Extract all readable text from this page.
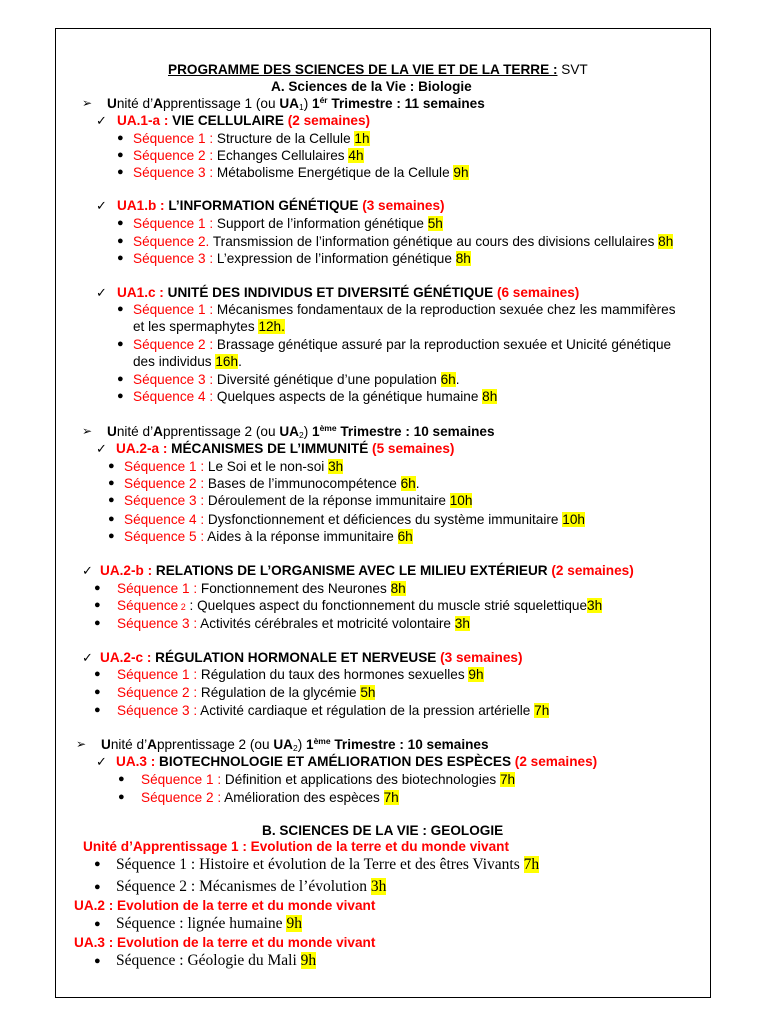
PROGRAMME DES SCIENCES DE LA VIE ET DE LA TERRE : SVT
A. Sciences de la Vie : Biologie
➢ Unité d’Apprentissage 1 (ou $UA_1$) $1^{ér}$ Trimestre : 11 semaines
✓ UA.1-a : VIE CELLULAIRE (2 semaines)
● Séquence 1 : Structure de la Cellule 1h
● Séquence 2 : Echanges Cellulaires 4h
● Séquence 3 : Métabolisme Energétique de la Cellule 9h
✓ UA1.b : L’INFORMATION GÉNÉTIQUE (3 semaines)
● Séquence 1 : Support de l’information génétique 5h
● Séquence 2. Transmission de l’information génétique au cours des divisions cellulaires 8h
● Séquence 3 : L’expression de l’information génétique 8h
✓ UA1.c : UNITÉ DES INDIVIDUS ET DIVERSITÉ GÉNÉTIQUE (6 semaines)
● Séquence 1 : Mécanismes fondamentaux de la reproduction sexuée chez les mammifères
et les spermaphytes 12h.
● Séquence 2 : Brassage génétique assuré par la reproduction sexuée et Unicité génétique
des individus 16h.
● Séquence 3 : Diversité génétique d’une population 6h.
● Séquence 4 : Quelques aspects de la génétique humaine 8h
➢ Unité d’Apprentissage 2 (ou $UA_2$) 1ème Trimestre : 10 semaines
✓ UA.2-a : MÉCANISMES DE L’IMMUNITÉ (5 semaines)
● Séquence 1 : Le Soi et le non-soi 3h
● Séquence 2 : Bases de l’immunocompétence 6h.
● Séquence 3 : Déroulement de la réponse immunitaire 10h
● Séquence 4 : Dysfonctionnement et déficiences du système immunitaire 10h
● Séquence 5 : Aides à la réponse immunitaire 6h
✓ UA.2-b : RELATIONS DE L’ORGANISME AVEC LE MILIEU EXTÉRIEUR (2 semaines)
● Séquence 1 : Fonctionnement des Neurones 8h
● Séquence 2 : Quelques aspect du fonctionnement du muscle strié squelettique3h
● Séquence 3 : Activités cérébrales et motricité volontaire 3h
✓ UA.2-c : RÉGULATION HORMONALE ET NERVEUSE (3 semaines)
● Séquence 1 : Régulation du taux des hormones sexuelles 9h
● Séquence 2 : Régulation de la glycémie 5h
● Séquence 3 : Activité cardiaque et régulation de la pression artérielle 7h
➢ Unité d’Apprentissage 2 (ou $UA_2$) 1ème Trimestre : 10 semaines
✓ UA.3 : BIOTECHNOLOGIE ET AMÉLIORATION DES ESPÈCES (2 semaines)
● Séquence 1 : Définition et applications des biotechnologies 7h
● Séquence 2 : Amélioration des espèces 7h
B. SCIENCES DE LA VIE : GEOLOGIE
Unité d’Apprentissage 1 : Evolution de la terre et du monde vivant
● Séquence 1 : Histoire et évolution de la Terre et des êtres Vivants 7h
● Séquence 2 : Mécanismes de l’évolution 3h
UA.2 : Evolution de la terre et du monde vivant
● Séquence : lignée humaine 9h
UA.3 : Evolution de la terre et du monde vivant
● Séquence : Géologie du Mali 9h
